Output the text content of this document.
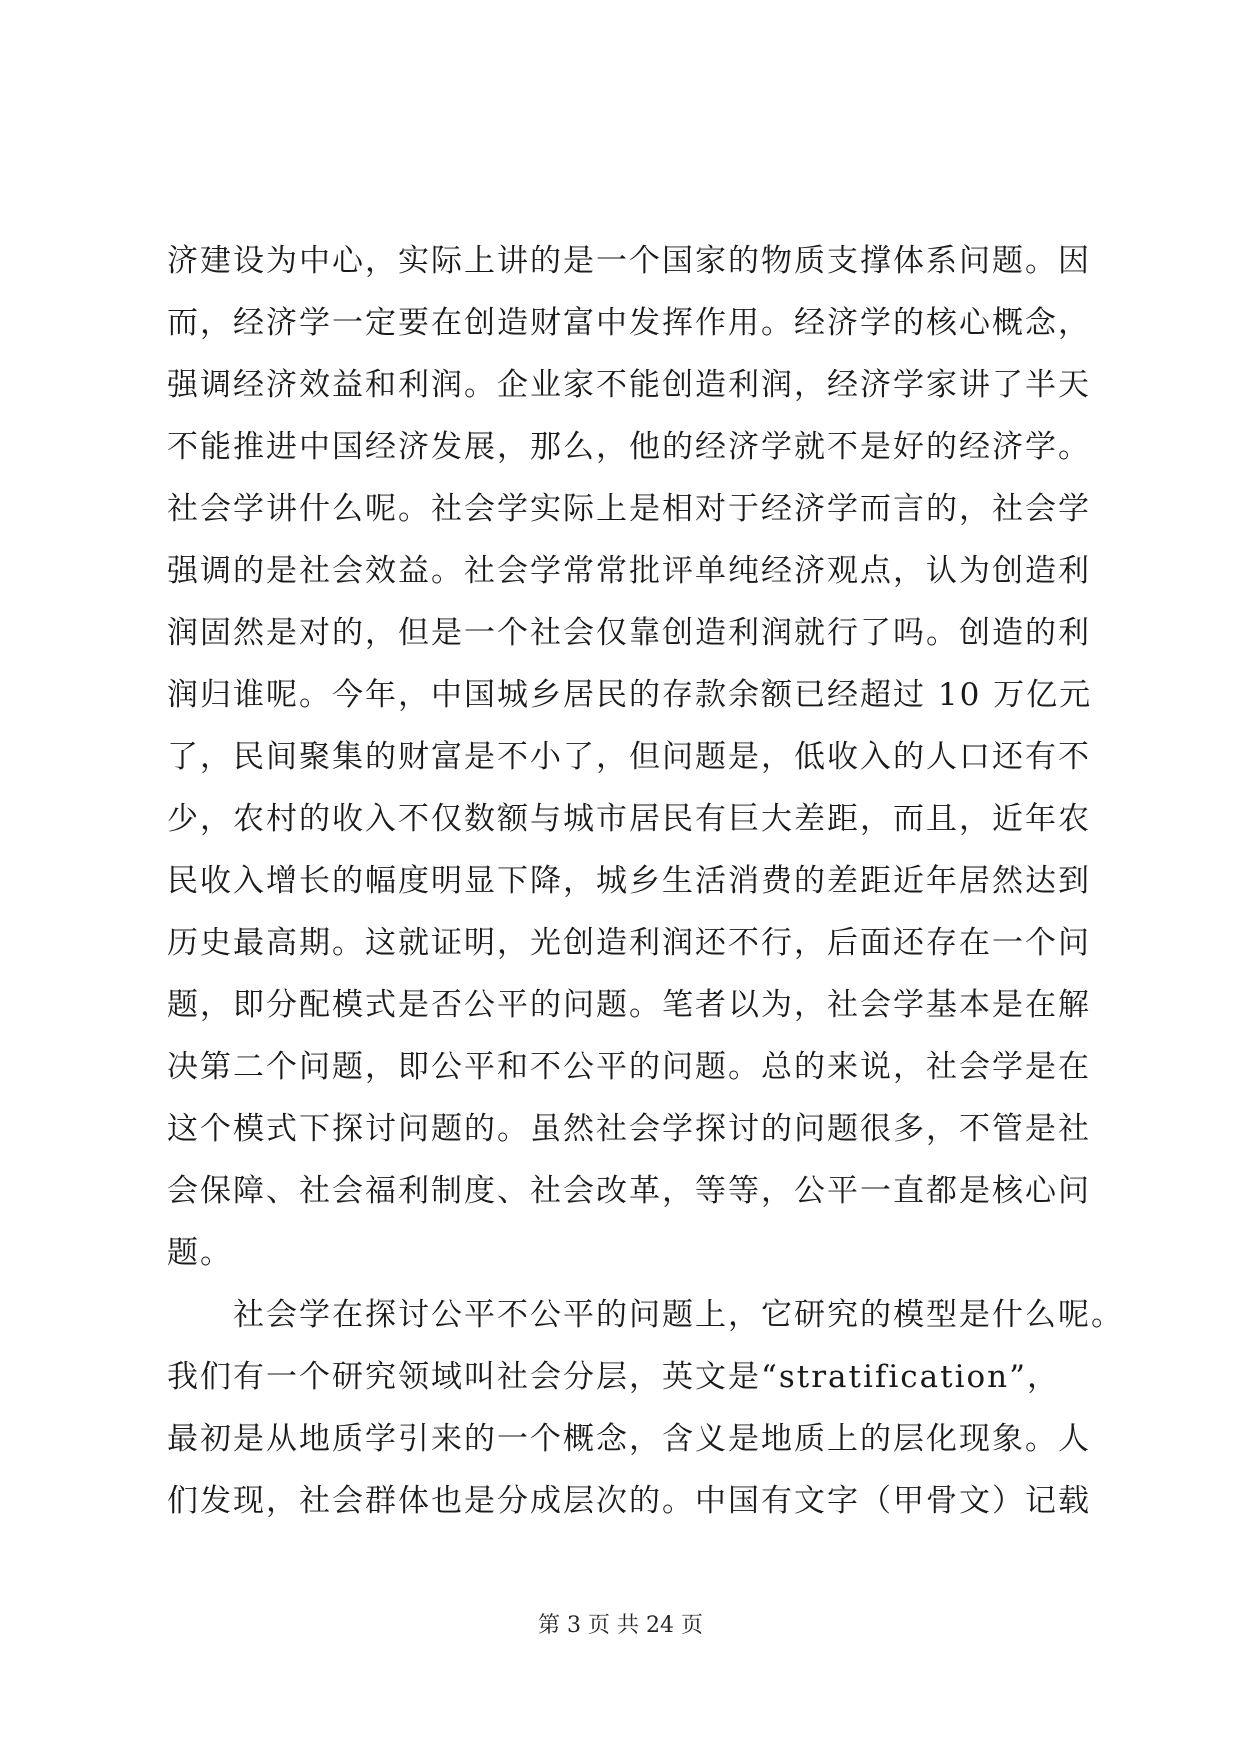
济建设为中心，实际上讲的是一个国家的物质支撑体系问题。因
而，经济学一定要在创造财富中发挥作用。经济学的核心概念，
强调经济效益和利润。企业家不能创造利润，经济学家讲了半天
不能推进中国经济发展，那么，他的经济学就不是好的经济学。
社会学讲什么呢。社会学实际上是相对于经济学而言的，社会学
强调的是社会效益。社会学常常批评单纯经济观点，认为创造利
润固然是对的，但是一个社会仅靠创造利润就行了吗。创造的利
润归谁呢。今年，中国城乡居民的存款余额已经超过 10 万亿元
了，民间聚集的财富是不小了，但问题是，低收入的人口还有不
少，农村的收入不仅数额与城市居民有巨大差距，而且，近年农
民收入增长的幅度明显下降，城乡生活消费的差距近年居然达到
历史最高期。这就证明，光创造利润还不行，后面还存在一个问
题，即分配模式是否公平的问题。笔者以为，社会学基本是在解
决第二个问题，即公平和不公平的问题。总的来说，社会学是在
这个模式下探讨问题的。虽然社会学探讨的问题很多，不管是社
会保障、社会福利制度、社会改革，等等，公平一直都是核心问
题。
　　社会学在探讨公平不公平的问题上，它研究的模型是什么呢。
我们有一个研究领域叫社会分层，英文是“stratification”，
最初是从地质学引来的一个概念，含义是地质上的层化现象。人
们发现，社会群体也是分成层次的。中国有文字（甲骨文）记载
第 3 页 共 24 页
